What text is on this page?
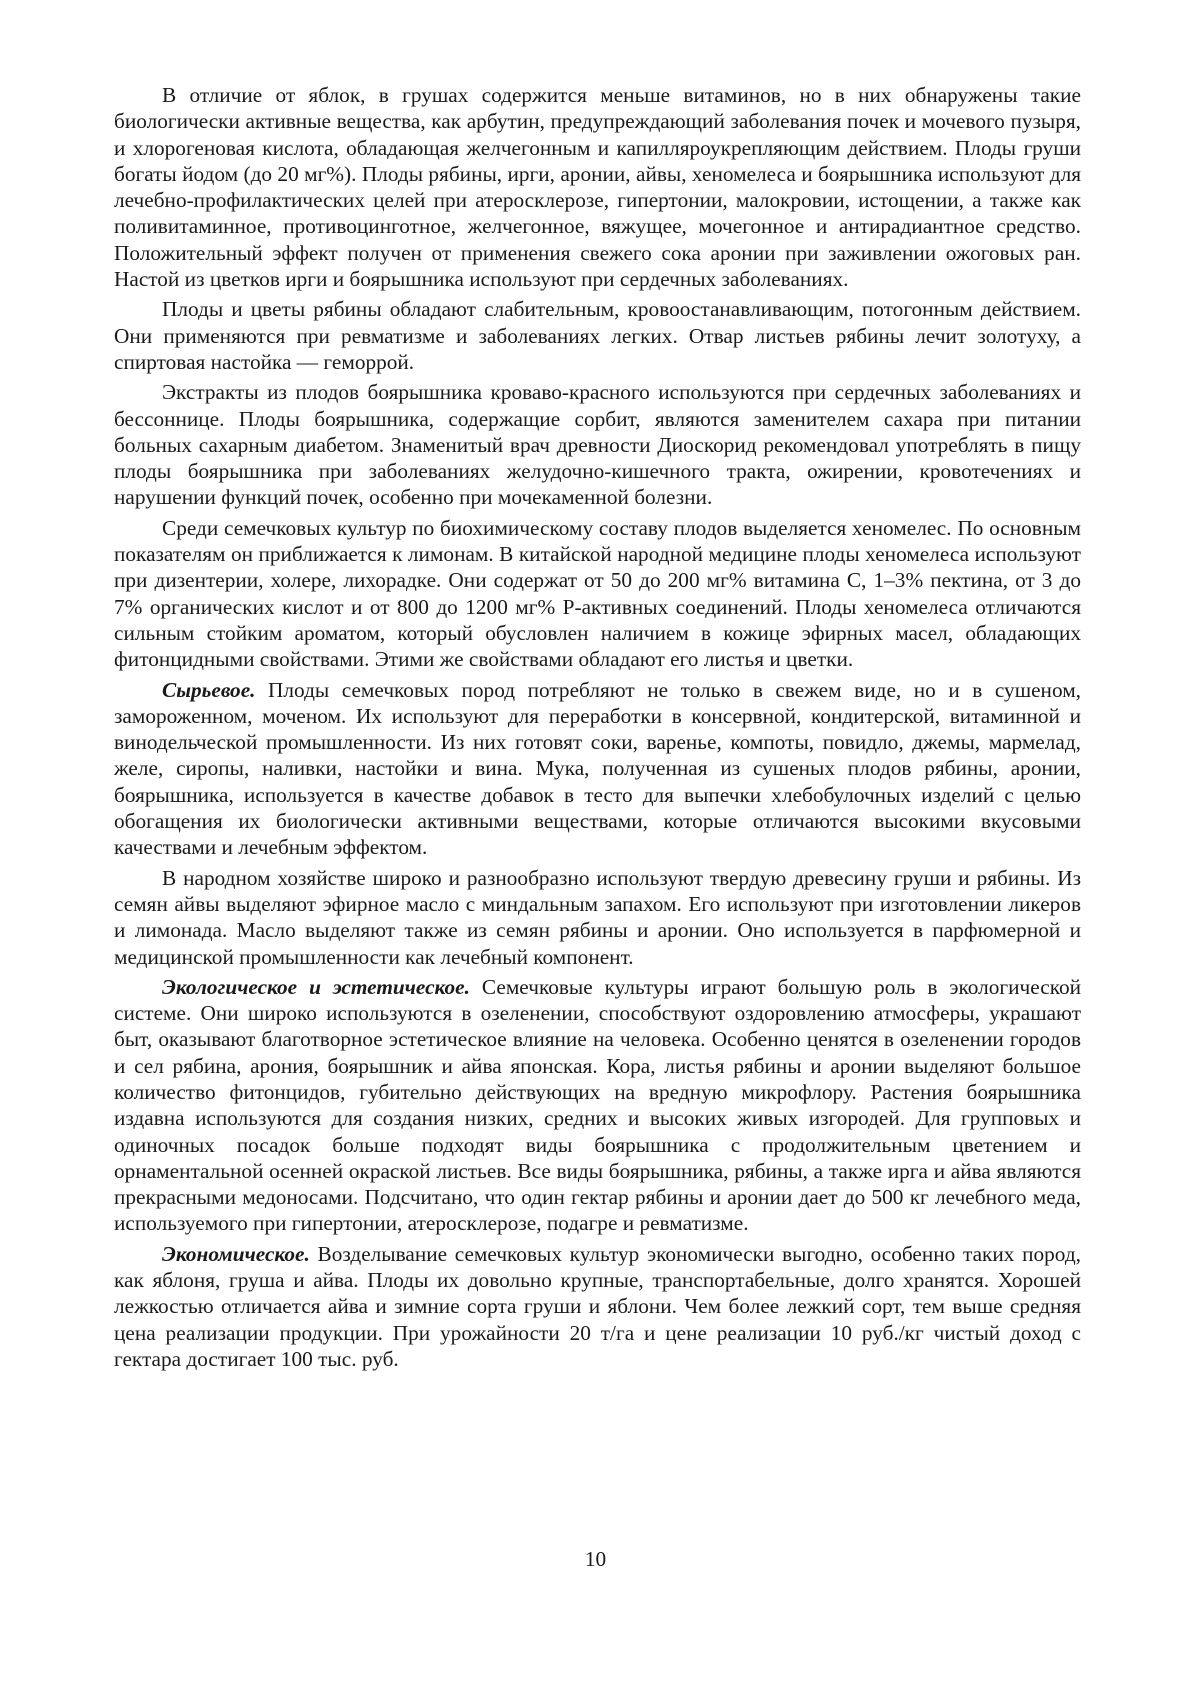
В отличие от яблок, в грушах содержится меньше витаминов, но в них обнаружены такие биологически активные вещества, как арбутин, предупреждающий заболевания почек и мочевого пузыря, и хлорогеновая кислота, обладающая желчегонным и капилляроукрепляющим действием. Плоды груши богаты йодом (до 20 мг%). Плоды рябины, ирги, аронии, айвы, хеномелеса и боярышника используют для лечебно-профилактических целей при атеросклерозе, гипертонии, малокровии, истощении, а также как поливитаминное, противоцинготное, желчегонное, вяжущее, мочегонное и антирадиантное средство. Положительный эффект получен от применения свежего сока аронии при заживлении ожоговых ран. Настой из цветков ирги и боярышника используют при сердечных заболеваниях.

Плоды и цветы рябины обладают слабительным, кровоостанавливающим, потогонным действием. Они применяются при ревматизме и заболеваниях легких. Отвар листьев рябины лечит золотуху, а спиртовая настойка — геморрой.

Экстракты из плодов боярышника кроваво-красного используются при сердечных заболеваниях и бессоннице. Плоды боярышника, содержащие сорбит, являются заменителем сахара при питании больных сахарным диабетом. Знаменитый врач древности Диоскорид рекомендовал употреблять в пищу плоды боярышника при заболеваниях желудочно-кишечного тракта, ожирении, кровотечениях и нарушении функций почек, особенно при мочекаменной болезни.

Среди семечковых культур по биохимическому составу плодов выделяется хеномелес. По основным показателям он приближается к лимонам. В китайской народной медицине плоды хеномелеса используют при дизентерии, холере, лихорадке. Они содержат от 50 до 200 мг% витамина С, 1–3% пектина, от 3 до 7% органических кислот и от 800 до 1200 мг% Р-активных соединений. Плоды хеномелеса отличаются сильным стойким ароматом, который обусловлен наличием в кожице эфирных масел, обладающих фитонцидными свойствами. Этими же свойствами обладают его листья и цветки.

Сырьевое. Плоды семечковых пород потребляют не только в свежем виде, но и в сушеном, замороженном, моченом. Их используют для переработки в консервной, кондитерской, витаминной и винодельческой промышленности. Из них готовят соки, варенье, компоты, повидло, джемы, мармелад, желе, сиропы, наливки, настойки и вина. Мука, полученная из сушеных плодов рябины, аронии, боярышника, используется в качестве добавок в тесто для выпечки хлебобулочных изделий с целью обогащения их биологически активными веществами, которые отличаются высокими вкусовыми качествами и лечебным эффектом.

В народном хозяйстве широко и разнообразно используют твердую древесину груши и рябины. Из семян айвы выделяют эфирное масло с миндальным запахом. Его используют при изготовлении ликеров и лимонада. Масло выделяют также из семян рябины и аронии. Оно используется в парфюмерной и медицинской промышленности как лечебный компонент.

Экологическое и эстетическое. Семечковые культуры играют большую роль в экологической системе. Они широко используются в озеленении, способствуют оздоровлению атмосферы, украшают быт, оказывают благотворное эстетическое влияние на человека. Особенно ценятся в озеленении городов и сел рябина, арония, боярышник и айва японская. Кора, листья рябины и аронии выделяют большое количество фитонцидов, губительно действующих на вредную микрофлору. Растения боярышника издавна используются для создания низких, средних и высоких живых изгородей. Для групповых и одиночных посадок больше подходят виды боярышника с продолжительным цветением и орнаментальной осенней окраской листьев. Все виды боярышника, рябины, а также ирга и айва являются прекрасными медоносами. Подсчитано, что один гектар рябины и аронии дает до 500 кг лечебного меда, используемого при гипертонии, атеросклерозе, подагре и ревматизме.

Экономическое. Возделывание семечковых культур экономически выгодно, особенно таких пород, как яблоня, груша и айва. Плоды их довольно крупные, транспортабельные, долго хранятся. Хорошей лежкостью отличается айва и зимние сорта груши и яблони. Чем более лежкий сорт, тем выше средняя цена реализации продукции. При урожайности 20 т/га и цене реализации 10 руб./кг чистый доход с гектара достигает 100 тыс. руб.

10
